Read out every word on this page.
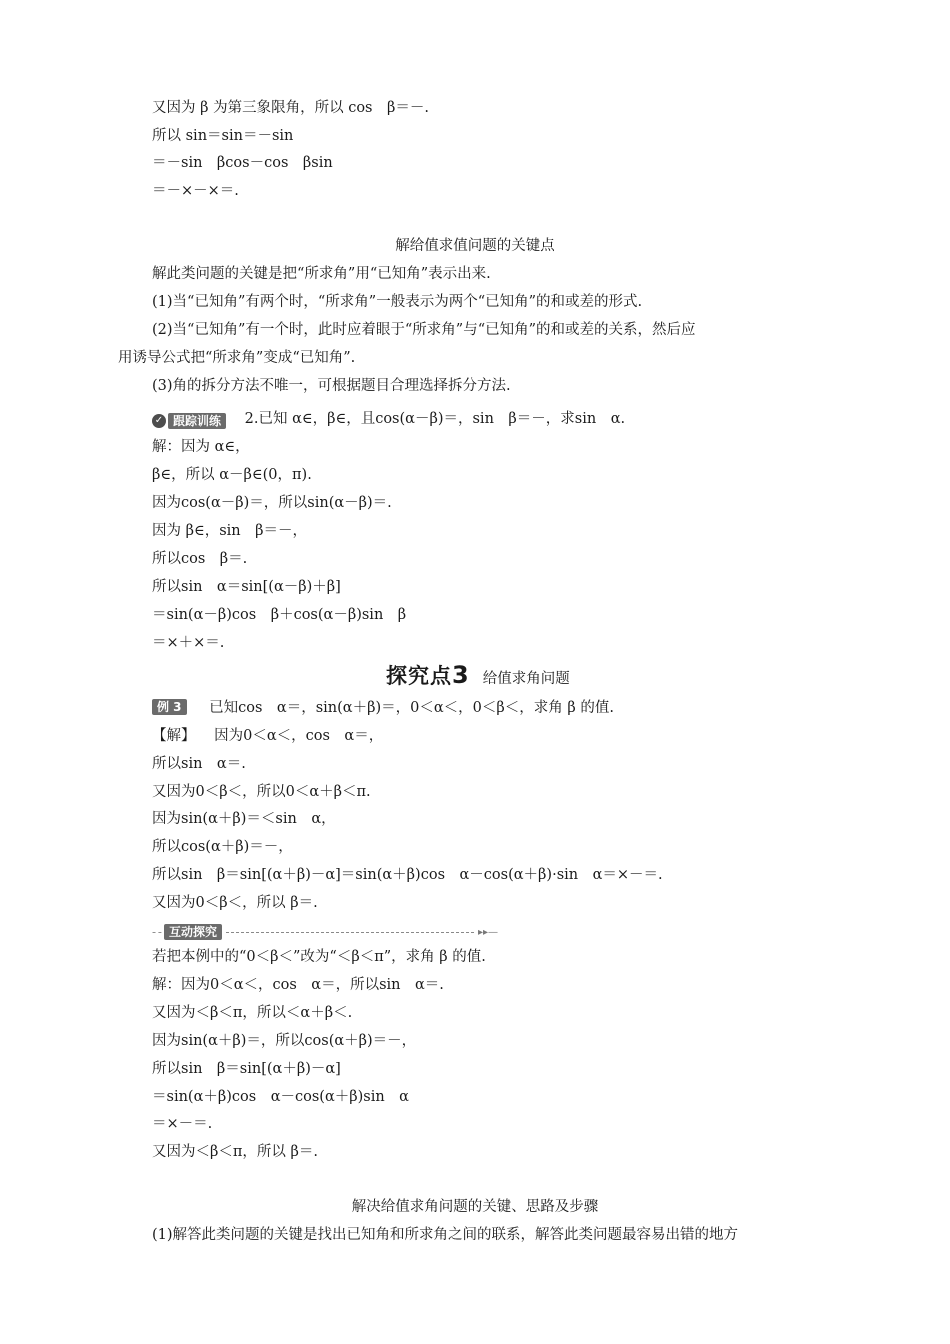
又因为 β 为第三象限角，所以 cos　β＝－.
所以 sin＝sin＝－sin
＝－sin　βcos－cos　βsin
＝－×－×＝.
解给值求值问题的关键点
解此类问题的关键是把“所求角”用“已知角”表示出来.
(1)当“已知角”有两个时，“所求角”一般表示为两个“已知角”的和或差的形式.
(2)当“已知角”有一个时，此时应着眼于“所求角”与“已知角”的和或差的关系，然后应
用诱导公式把“所求角”变成“已知角”.
(3)角的拆分方法不唯一，可根据题目合理选择拆分方法.
✓ 跟踪训练	2.已知 α∈，β∈，且cos(α－β)＝，sin　β＝－，求sin　α.
解：因为 α∈，
β∈，所以 α－β∈(0，π).
因为cos(α－β)＝，所以sin(α－β)＝.
因为 β∈，sin　β＝－，
所以cos　β＝.
所以sin　α＝sin[(α－β)＋β]
＝sin(α－β)cos　β＋cos(α－β)sin　β
＝×＋×＝.
探究点3 给值求角问题
例 3 已知cos　α＝，sin(α＋β)＝，0＜α＜，0＜β＜，求角 β 的值.
【解】 因为0＜α＜，cos　α＝，
所以sin　α＝.
又因为0＜β＜，所以0＜α＋β＜π.
因为sin(α＋β)＝＜sin　α，
所以cos(α＋β)＝－，
所以sin　β＝sin[(α＋β)－α]＝sin(α＋β)cos　α－cos(α＋β)·sin　α＝×－＝.
又因为0＜β＜，所以 β＝.
- - 互动探究	▸▸—
若把本例中的“0＜β＜”改为“＜β＜π”，求角 β 的值.
解：因为0＜α＜，cos　α＝，所以sin　α＝.
又因为＜β＜π，所以＜α＋β＜.
因为sin(α＋β)＝，所以cos(α＋β)＝－，
所以sin　β＝sin[(α＋β)－α]
＝sin(α＋β)cos　α－cos(α＋β)sin　α
＝×－＝.
又因为＜β＜π，所以 β＝.
解决给值求角问题的关键、思路及步骤
(1)解答此类问题的关键是找出已知角和所求角之间的联系，解答此类问题最容易出错的地方
